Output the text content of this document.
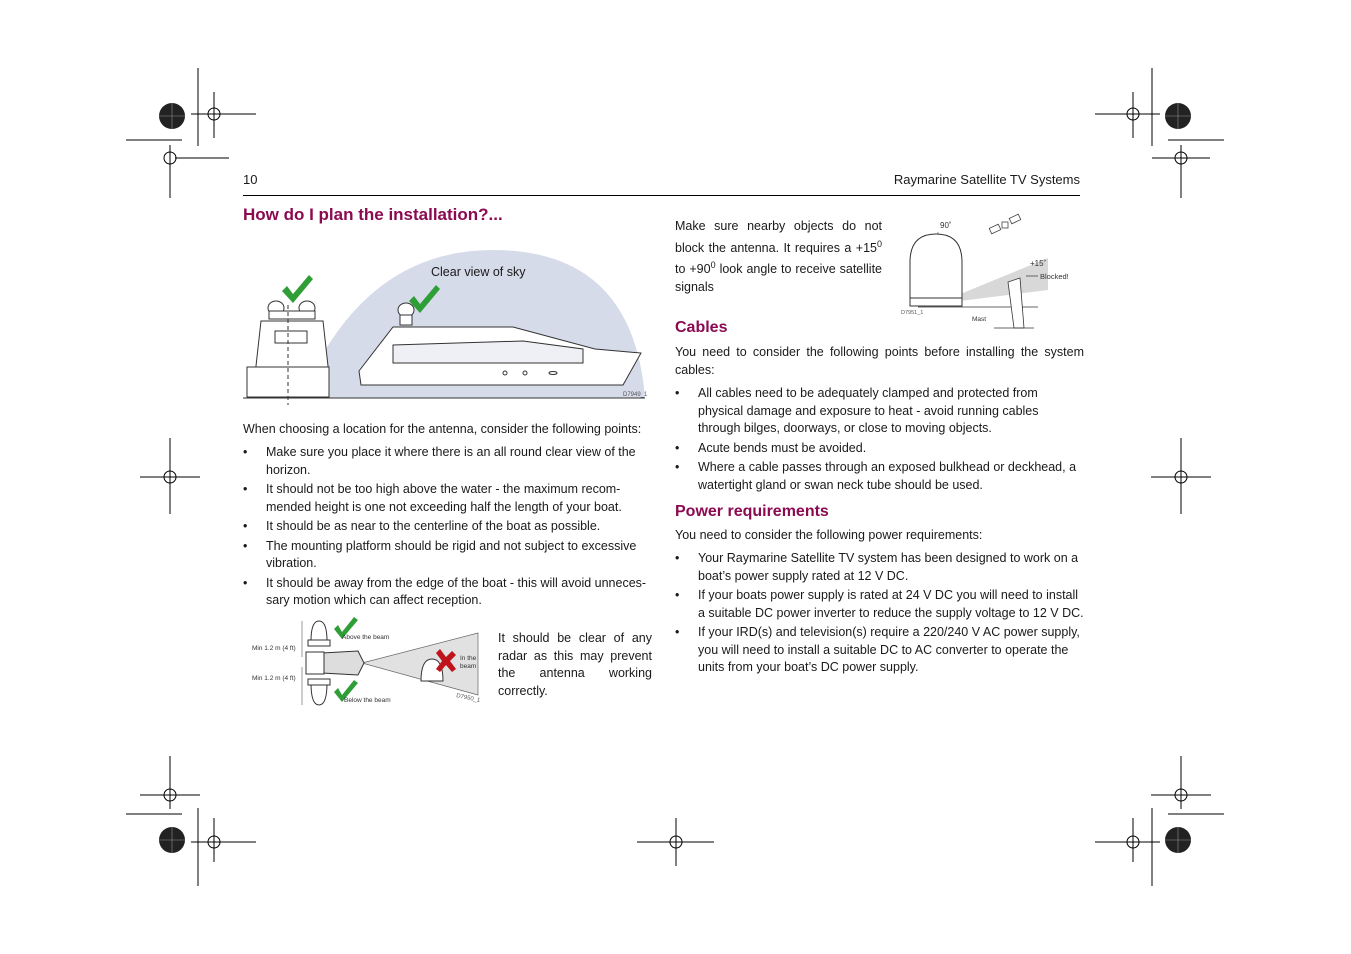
10	Raymarine Satellite TV Systems
How do I plan the installation?...
Clear view of sky
D7949_1
When choosing a location for the antenna, consider the following points:
• Make sure you place it where there is an all round clear view of the horizon.
• It should not be too high above the water - the maximum recom-mended height is one not exceeding half the length of your boat.
• It should be as near to the centerline of the boat as possible.
• The mounting platform should be rigid and not subject to excessive vibration.
• It should be away from the edge of the boat - this will avoid unneces-sary motion which can affect reception.
Min 1.2 m (4 ft)
Min 1.2 m (4 ft)
Above the beam
Below the beam
In the
beam
D7950_1
It should be clear of any radar as this may prevent the antenna working correctly.
Make sure nearby objects do not block the antenna. It requires $a +15^0$ to $+90^0$ look angle to receive satellite signals
90˚
+15˚
Blocked!
Mast
D7951_1
Cables
You need to consider the following points before installing the system cables:
• All cables need to be adequately clamped and protected from physical damage and exposure to heat - avoid running cables through bilges, doorways, or close to moving objects.
• Acute bends must be avoided.
• Where a cable passes through an exposed bulkhead or deckhead, a watertight gland or swan neck tube should be used.
Power requirements
You need to consider the following power requirements:
• Your Raymarine Satellite TV system has been designed to work on a boat’s power supply rated at 12 V DC.
• If your boats power supply is rated at 24 V DC you will need to install a suitable DC power inverter to reduce the supply voltage to 12 V DC.
• If your IRD(s) and television(s) require a 220/240 V AC power supply, you will need to install a suitable DC to AC converter to operate the units from your boat’s DC power supply.
